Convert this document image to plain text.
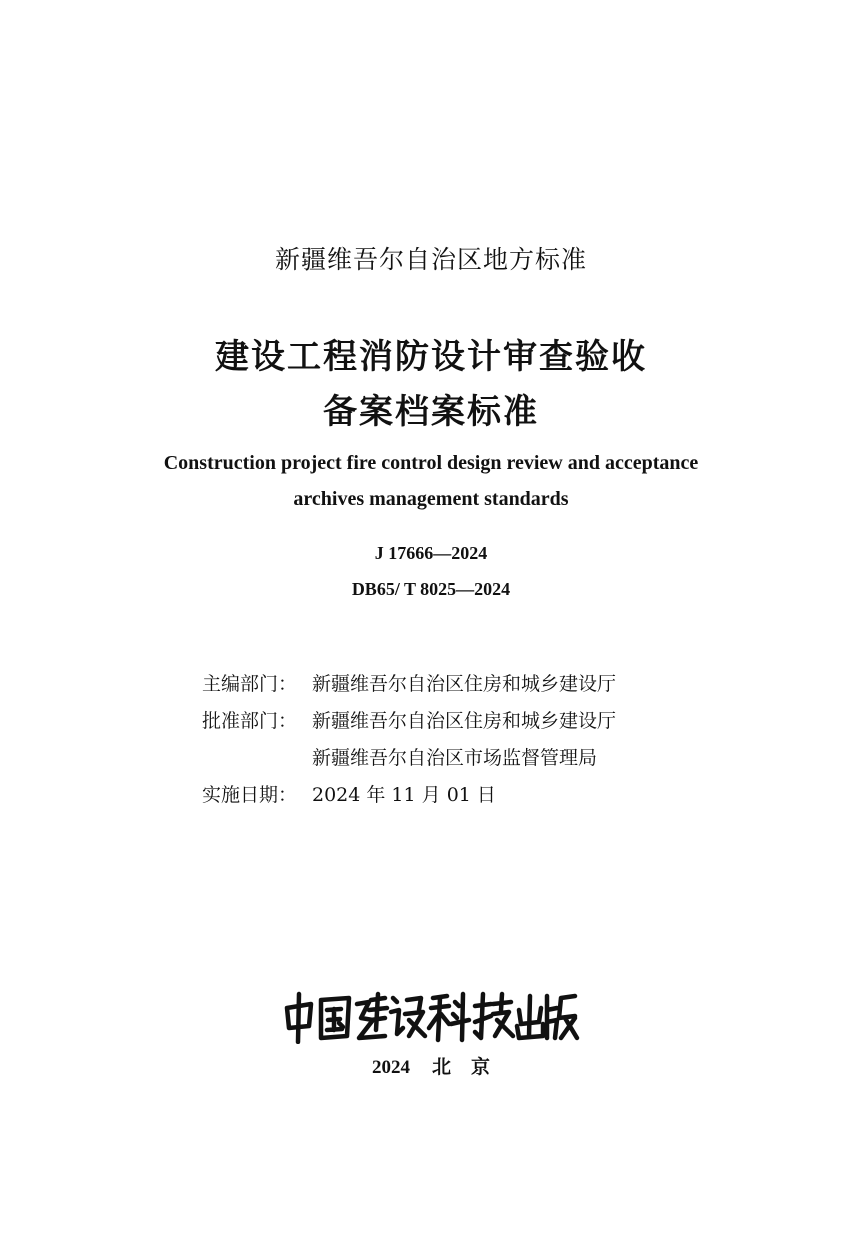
新疆维吾尔自治区地方标准
建设工程消防设计审查验收
备案档案标准
Construction project fire control design review and acceptance
archives management standards
J 17666—2024
DB65/ T 8025—2024
主编部门： 新疆维吾尔自治区住房和城乡建设厅
批准部门： 新疆维吾尔自治区住房和城乡建设厅
新疆维吾尔自治区市场监督管理局
实施日期： 2024 年 11 月 01 日
2024 北京
